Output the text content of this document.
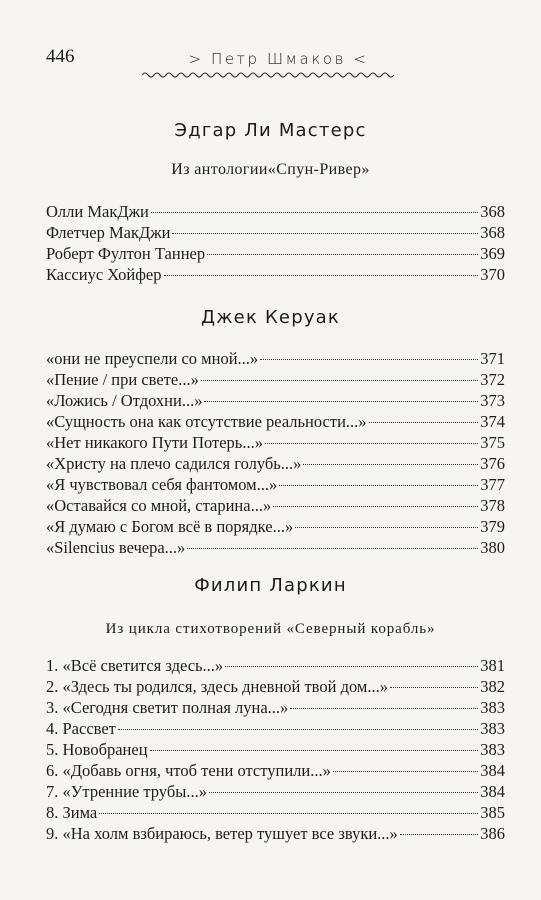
446	> Петр Шмаков <
Эдгар Ли Мастерс
Из антологии«Спун-Ривер»
Олли МакДжи	368
Флетчер МакДжи	368
Роберт Фултон Таннер	369
Кассиус Хойфер	370
Джек Керуак
«они не преуспели со мной...»	371
«Пение / при свете...»	372
«Ложись / Отдохни...»	373
«Сущность она как отсутствие реальности...»	374
«Нет никакого Пути Потерь...»	375
«Христу на плечо садился голубь...»	376
«Я чувствовал себя фантомом...»	377
«Оставайся со мной, старина...»	378
«Я думаю с Богом всё в порядке...»	379
«Silencius вечера...»	380
Филип Ларкин
Из цикла стихотворений «Северный корабль»
1. «Всё светится здесь...»	381
2. «Здесь ты родился, здесь дневной твой дом...»	382
3. «Сегодня светит полная луна...»	383
4. Рассвет	383
5. Новобранец	383
6. «Добавь огня, чтоб тени отступили...»	384
7. «Утренние трубы...»	384
8. Зима	385
9. «На холм взбираюсь, ветер тушует все звуки...»	386
